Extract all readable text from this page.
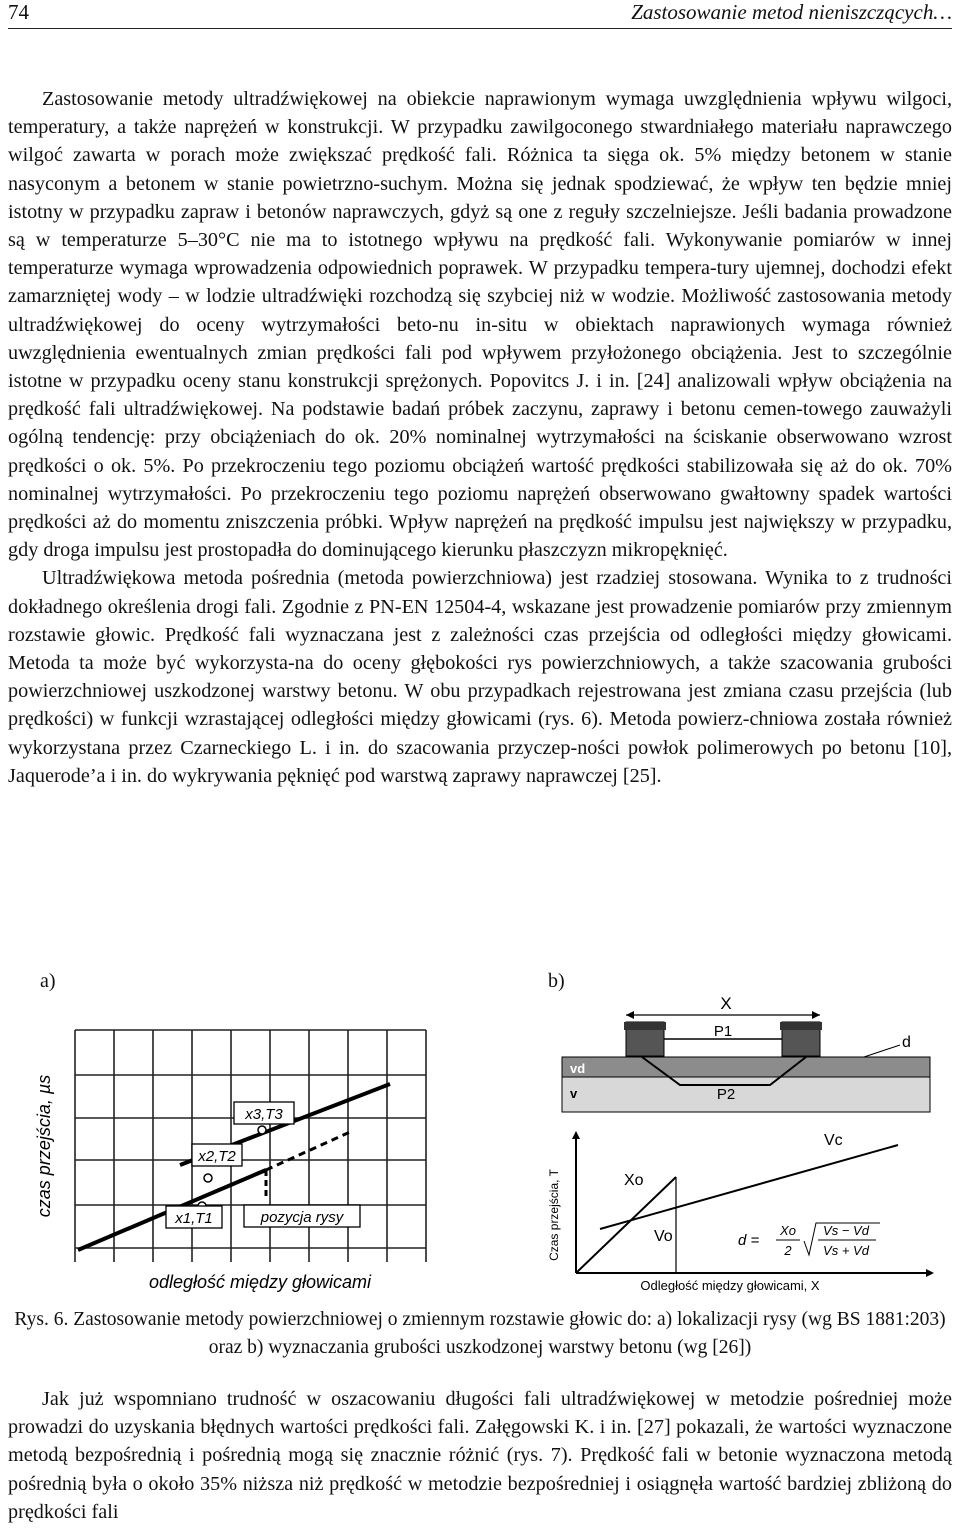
74	Zastosowanie metod nieniszczących…

Zastosowanie metody ultradźwiękowej na obiekcie naprawionym wymaga uwzględnienia wpływu wilgoci, temperatury, a także naprężeń w konstrukcji. W przypadku zawilgoconego stwardniałego materiału naprawczego wilgoć zawarta w porach może zwiększać prędkość fali. Różnica ta sięga ok. 5% między betonem w stanie nasyconym a betonem w stanie powietrzno-suchym. Można się jednak spodziewać, że wpływ ten będzie mniej istotny w przypadku zapraw i betonów naprawczych, gdyż są one z reguły szczelniejsze. Jeśli badania prowadzone są w temperaturze 5–30°C nie ma to istotnego wpływu na prędkość fali. Wykonywanie pomiarów w innej temperaturze wymaga wprowadzenia odpowiednich poprawek. W przypadku tempera-tury ujemnej, dochodzi efekt zamarzniętej wody – w lodzie ultradźwięki rozchodzą się szybciej niż w wodzie. Możliwość zastosowania metody ultradźwiękowej do oceny wytrzymałości beto-nu in-situ w obiektach naprawionych wymaga również uwzględnienia ewentualnych zmian prędkości fali pod wpływem przyłożonego obciążenia. Jest to szczególnie istotne w przypadku oceny stanu konstrukcji sprężonych. Popovitcs J. i in. [24] analizowali wpływ obciążenia na prędkość fali ultradźwiękowej. Na podstawie badań próbek zaczynu, zaprawy i betonu cemen-towego zauważyli ogólną tendencję: przy obciążeniach do ok. 20% nominalnej wytrzymałości na ściskanie obserwowano wzrost prędkości o ok. 5%. Po przekroczeniu tego poziomu obciążeń wartość prędkości stabilizowała się aż do ok. 70% nominalnej wytrzymałości. Po przekroczeniu tego poziomu naprężeń obserwowano gwałtowny spadek wartości prędkości aż do momentu zniszczenia próbki. Wpływ naprężeń na prędkość impulsu jest największy w przypadku, gdy droga impulsu jest prostopadła do dominującego kierunku płaszczyzn mikropęknięć.

Ultradźwiękowa metoda pośrednia (metoda powierzchniowa) jest rzadziej stosowana. Wynika to z trudności dokładnego określenia drogi fali. Zgodnie z PN-EN 12504-4, wskazane jest prowadzenie pomiarów przy zmiennym rozstawie głowic. Prędkość fali wyznaczana jest z zależności czas przejścia od odległości między głowicami. Metoda ta może być wykorzysta-na do oceny głębokości rys powierzchniowych, a także szacowania grubości powierzchniowej uszkodzonej warstwy betonu. W obu przypadkach rejestrowana jest zmiana czasu przejścia (lub prędkości) w funkcji wzrastającej odległości między głowicami (rys. 6). Metoda powierz-chniowa została również wykorzystana przez Czarneckiego L. i in. do szacowania przyczep-ności powłok polimerowych po betonu [10], Jaquerode’a i in. do wykrywania pęknięć pod warstwą zaprawy naprawczej [25].

a)	b)
x1,T1
x2,T2
x3,T3
pozycja rysy
czas przejścia, µs
odległość między głowicami
X
P1
d
vd
v	P2
Czas przejścia, T
Odległość między głowicami, X
Xo
Vc
Vo	d =
Xo
2
Vs − Vd
Vs + Vd
Rys. 6. Zastosowanie metody powierzchniowej o zmiennym rozstawie głowic do: a) lokalizacji rysy (wg BS 1881:203) oraz b) wyznaczania grubości uszkodzonej warstwy betonu (wg [26])

Jak już wspomniano trudność w oszacowaniu długości fali ultradźwiękowej w metodzie pośredniej może prowadzi do uzyskania błędnych wartości prędkości fali. Załęgowski K. i in. [27] pokazali, że wartości wyznaczone metodą bezpośrednią i pośrednią mogą się znacznie różnić (rys. 7). Prędkość fali w betonie wyznaczona metodą pośrednią była o około 35% niższa niż prędkość w metodzie bezpośredniej i osiągnęła wartość bardziej zbliżoną do prędkości fali
